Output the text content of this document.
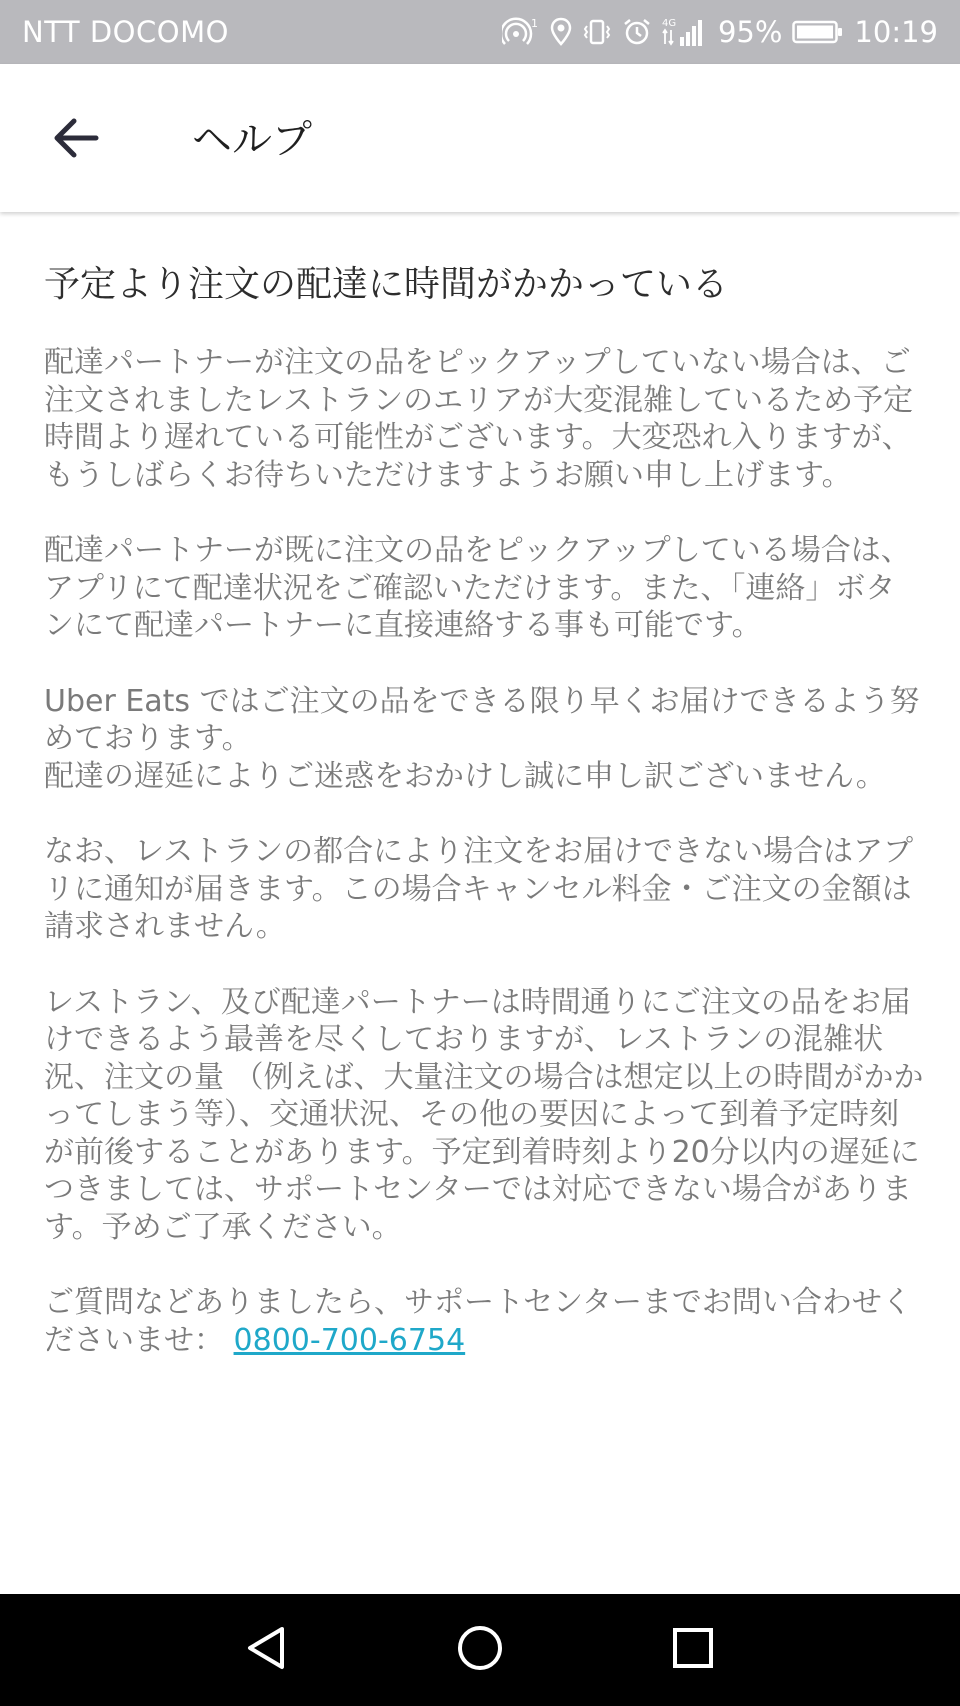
NTT DOCOMO	1	4G 95% 10:19
ヘルプ
予定より注文の配達に時間がかかっている

配達パートナーが注文の品をピックアップしていない場合は、ご注文されましたレストランのエリアが大変混雑しているため予定時間より遅れている可能性がございます。大変恐れ入りますが、もうしばらくお待ちいただけますようお願い申し上げます。

配達パートナーが既に注文の品をピックアップしている場合は、アプリにて配達状況をご確認いただけます。また、「連絡」ボタンにて配達パートナーに直接連絡する事も可能です。

Uber Eats ではご注文の品をできる限り早くお届けできるよう努めております。
配達の遅延によりご迷惑をおかけし誠に申し訳ございません。

なお、レストランの都合により注文をお届けできない場合はアプリに通知が届きます。この場合キャンセル料金・ご注文の金額は請求されません。

レストラン、及び配達パートナーは時間通りにご注文の品をお届けできるよう最善を尽くしておりますが、レストランの混雑状況、注文の量 （例えば、大量注文の場合は想定以上の時間がかかってしまう等）、交通状況、その他の要因によって到着予定時刻が前後することがあります。予定到着時刻より20分以内の遅延につきましては、サポートセンターでは対応できない場合があります。予めご了承ください。

ご質問などありましたら、サポートセンターまでお問い合わせくださいませ： 0800-700-6754
